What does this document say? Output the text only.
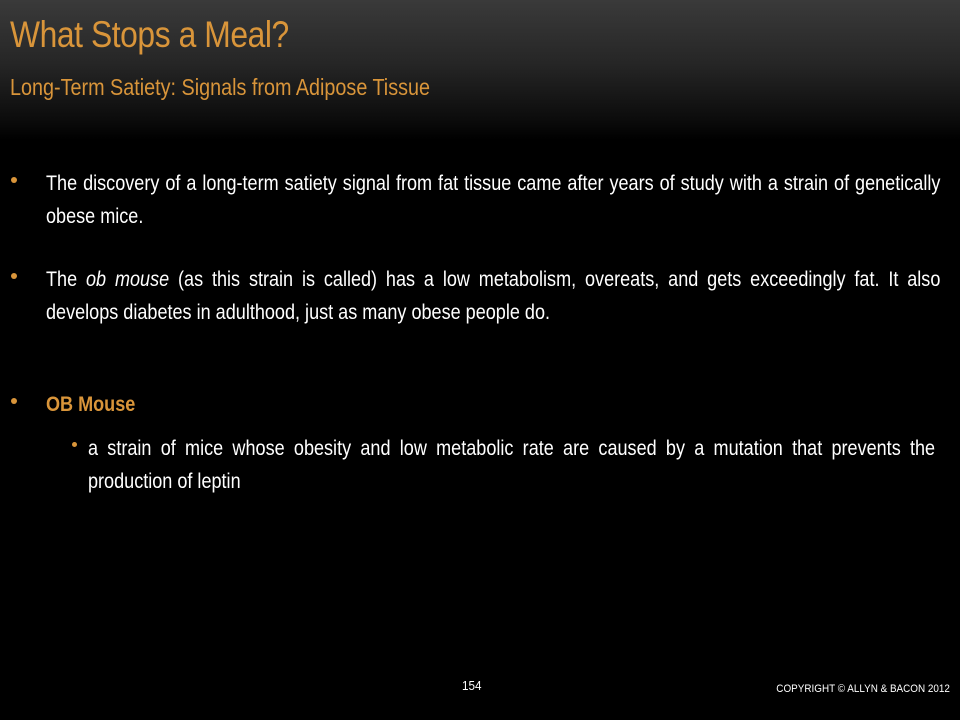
What Stops a Meal?
Long-Term Satiety: Signals from Adipose Tissue
The discovery of a long-term satiety signal from fat tissue came after years of study with a strain of genetically obese mice.
The ob mouse (as this strain is called) has a low metabolism, overeats, and gets exceedingly fat. It also develops diabetes in adulthood, just as many obese people do.
OB Mouse
a strain of mice whose obesity and low metabolic rate are caused by a mutation that prevents the production of leptin
154	COPYRIGHT © ALLYN & BACON 2012
